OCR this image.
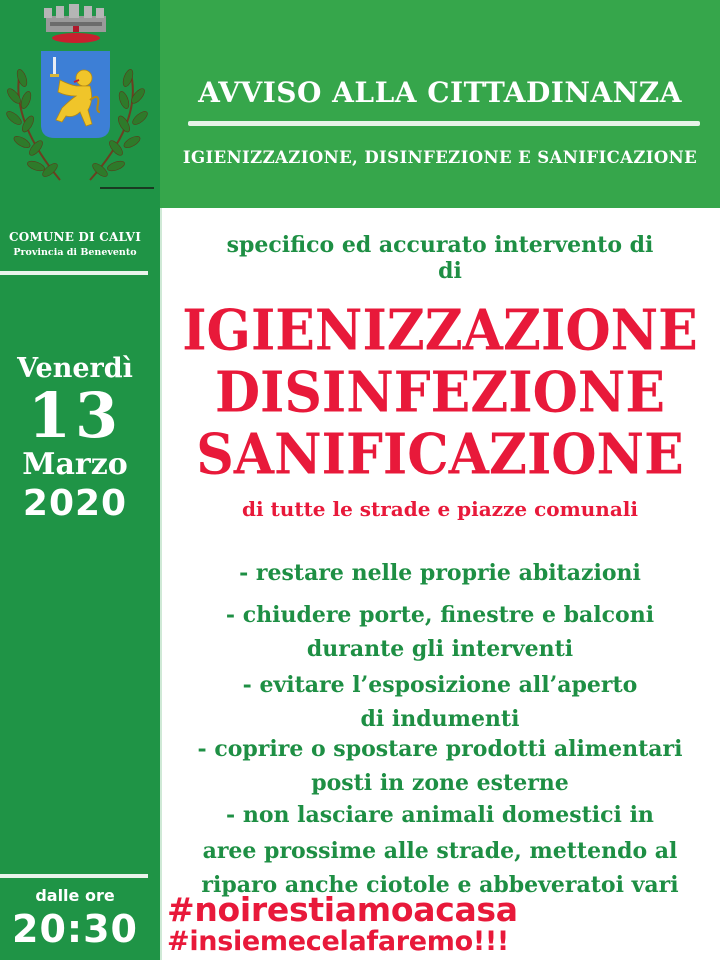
COMUNE DI CALVI
Provincia di Benevento
Venerdì
13
Marzo
2020
dalle ore
20:30
AVVISO ALLA CITTADINANZA
IGIENIZZAZIONE, DISINFEZIONE E SANIFICAZIONE
specifico ed accurato intervento di
di
IGIENIZZAZIONE
DISINFEZIONE
SANIFICAZIONE
di tutte le strade e piazze comunali
- restare nelle proprie abitazioni
- chiudere porte, finestre e balconi
durante gli interventi
- evitare l’esposizione all’aperto
di indumenti
- coprire o spostare prodotti alimentari
posti in zone esterne
- non lasciare animali domestici in
aree prossime alle strade, mettendo al
riparo anche ciotole e abbeveratoi vari
#noirestiamoacasa
#insiemecelafaremo!!!
